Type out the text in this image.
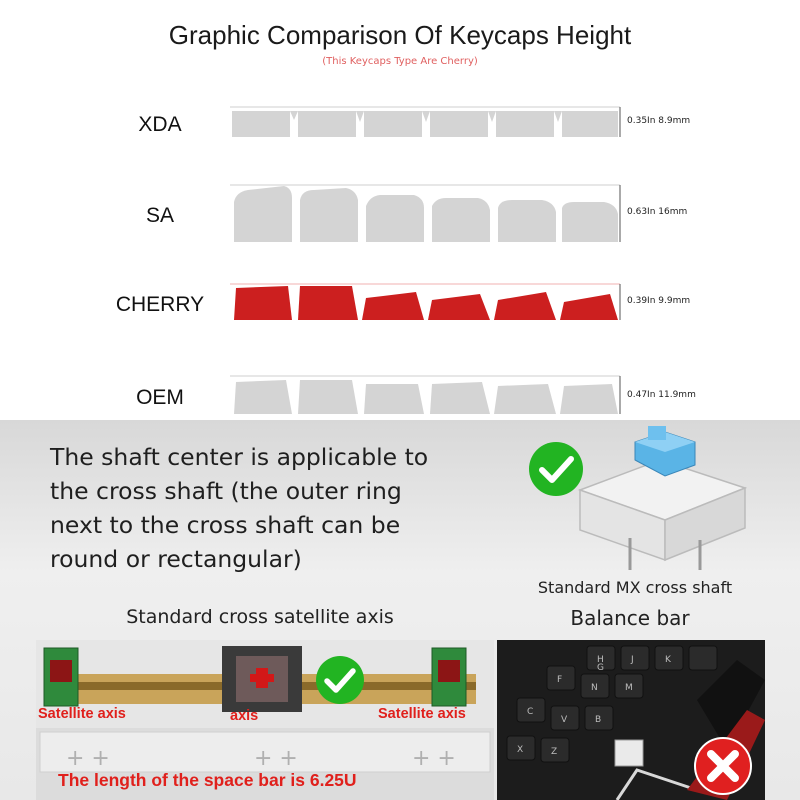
Graphic Comparison Of Keycaps Height
(This Keycaps Type Are Cherry)
XDA	0.35In 8.9mm
SA	0.63In 16mm
CHERRY	0.39In 9.9mm
OEM	0.47In 11.9mm
The shaft center is applicable to
the cross shaft (the outer ring
next to the cross shaft can be
round or rectangular)
Standard MX cross shaft
Standard cross satellite axis	Balance bar
+ +	+ +	+ +
Satellite axis	axis	Satellite axis
The length of the space bar is 6.25U
H	J	K
N	M
F
G
V	B
C
X	Z
